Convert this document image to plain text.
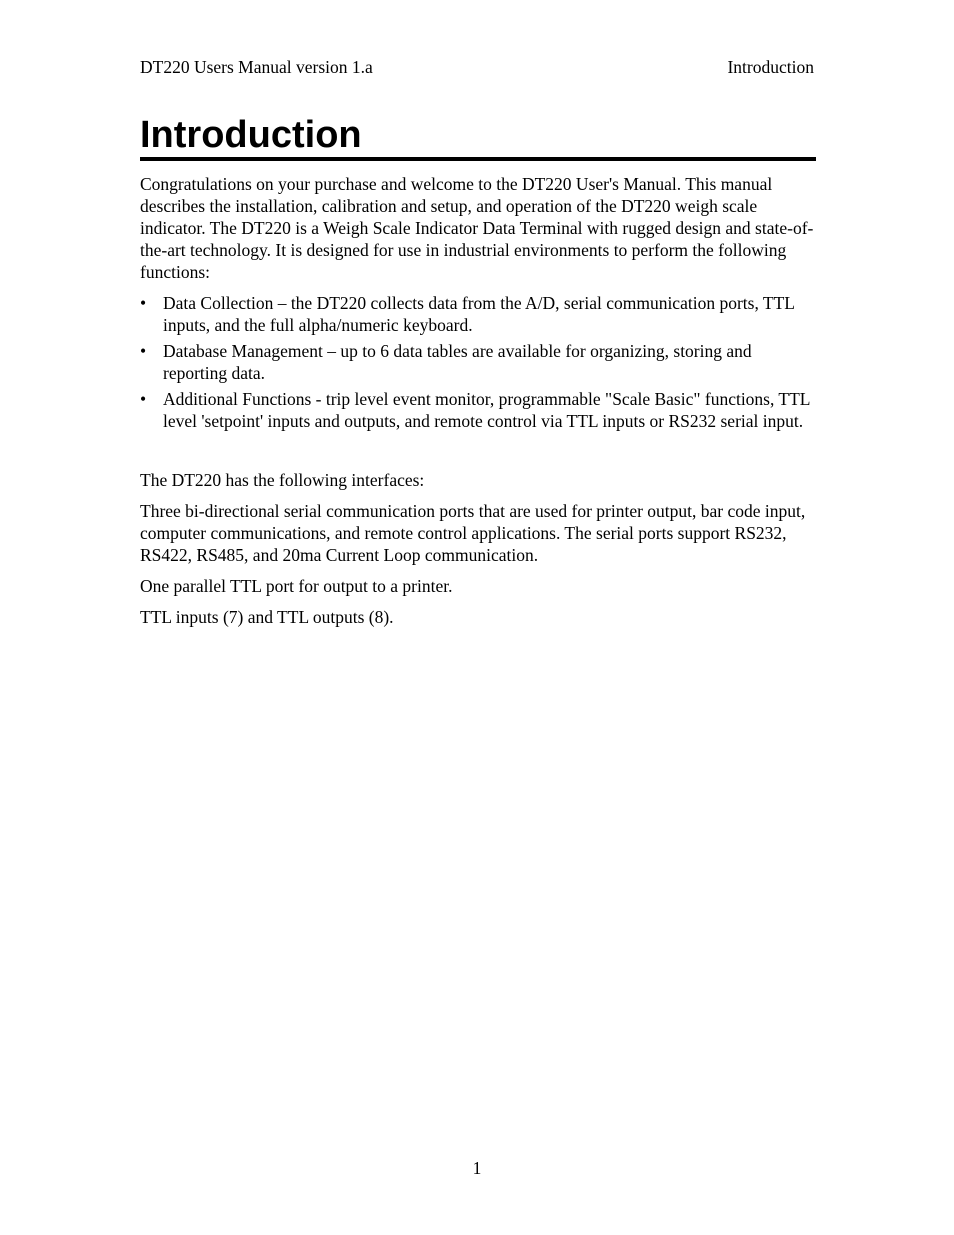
DT220 Users Manual version 1.a	Introduction
Introduction

Congratulations on your purchase and welcome to the DT220 User's Manual. This manual describes the installation, calibration and setup, and operation of the DT220 weigh scale indicator. The DT220 is a Weigh Scale Indicator Data Terminal with rugged design and state-of-the-art technology. It is designed for use in industrial environments to perform the following functions:

• Data Collection – the DT220 collects data from the A/D, serial communication ports, TTL inputs, and the full alpha/numeric keyboard.
• Database Management – up to 6 data tables are available for organizing, storing and reporting data.
• Additional Functions - trip level event monitor, programmable "Scale Basic" functions, TTL level 'setpoint' inputs and outputs, and remote control via TTL inputs or RS232 serial input.

The DT220 has the following interfaces:

Three bi-directional serial communication ports that are used for printer output, bar code input, computer communications, and remote control applications. The serial ports support RS232, RS422, RS485, and 20ma Current Loop communication.

One parallel TTL port for output to a printer.

TTL inputs (7) and TTL outputs (8).

1
